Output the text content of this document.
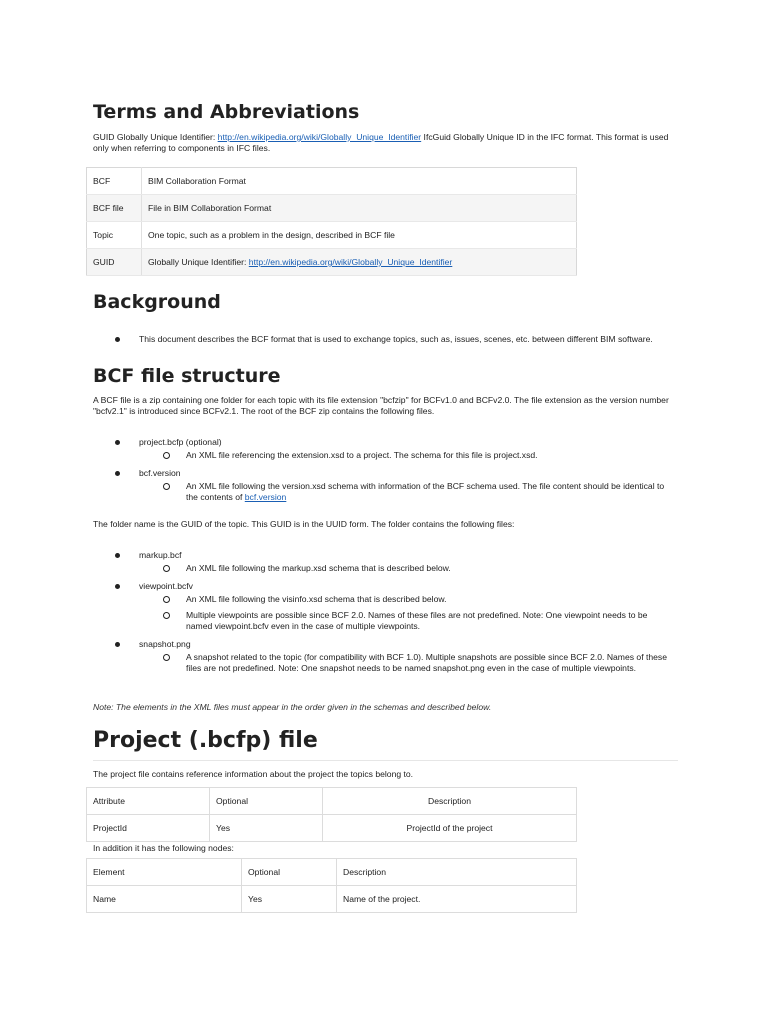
Terms and Abbreviations

GUID Globally Unique Identifier: http://en.wikipedia.org/wiki/Globally_Unique_Identifier IfcGuid Globally Unique ID in the IFC format. This format is used only when referring to components in IFC files.

BCF	BIM Collaboration Format
BCF file	File in BIM Collaboration Format
Topic	One topic, such as a problem in the design, described in BCF file
GUID	Globally Unique Identifier: http://en.wikipedia.org/wiki/Globally_Unique_Identifier
Background
This document describes the BCF format that is used to exchange topics, such as, issues, scenes, etc. between different BIM software.
BCF file structure

A BCF file is a zip containing one folder for each topic with its file extension "bcfzip" for BCFv1.0 and BCFv2.0. The file extension as the version number "bcfv2.1" is introduced since BCFv2.1. The root of the BCF zip contains the following files.

project.bcfp (optional)
An XML file referencing the extension.xsd to a project. The schema for this file is project.xsd.
bcf.version
An XML file following the version.xsd schema with information of the BCF schema used. The file content should be identical to the contents of bcf.version

The folder name is the GUID of the topic. This GUID is in the UUID form. The folder contains the following files:

markup.bcf
An XML file following the markup.xsd schema that is described below.
viewpoint.bcfv
An XML file following the visinfo.xsd schema that is described below.
Multiple viewpoints are possible since BCF 2.0. Names of these files are not predefined. Note: One viewpoint needs to be named viewpoint.bcfv even in the case of multiple viewpoints.
snapshot.png
A snapshot related to the topic (for compatibility with BCF 1.0). Multiple snapshots are possible since BCF 2.0. Names of these files are not predefined. Note: One snapshot needs to be named snapshot.png even in the case of multiple viewpoints.

Note: The elements in the XML files must appear in the order given in the schemas and described below.

Project (.bcfp) file

The project file contains reference information about the project the topics belong to.

Attribute	Optional	Description
ProjectId	Yes	ProjectId of the project

In addition it has the following nodes:

Element	Optional	Description
Name	Yes	Name of the project.
